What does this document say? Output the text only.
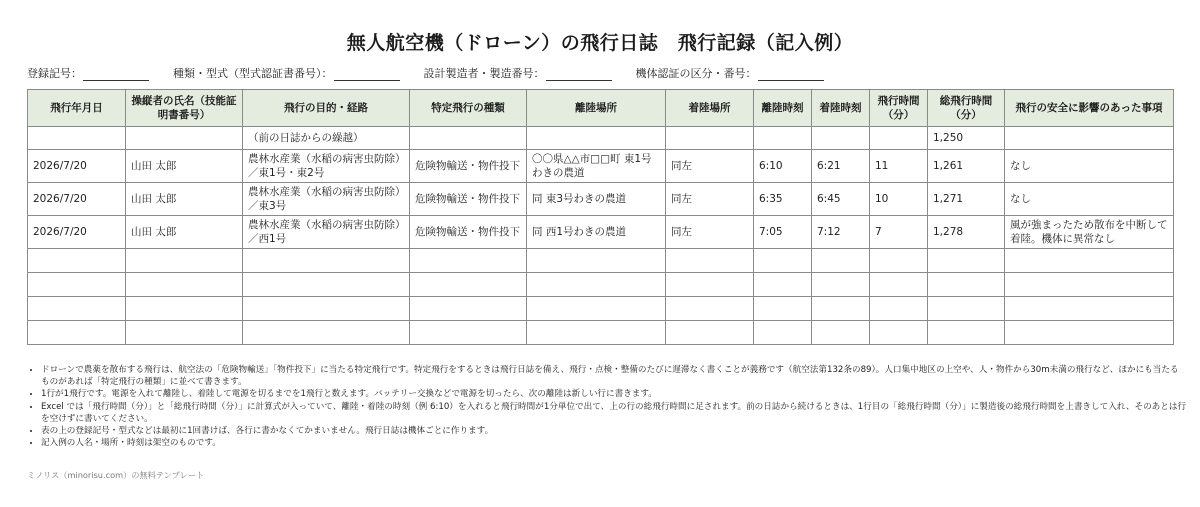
無人航空機（ドローン）の飛行日誌　飛行記録（記入例）
登録記号：	種類・型式（型式認証書番号）：	設計製造者・製造番号：	機体認証の区分・番号：
飛行年月日	操縦者の氏名（技能証明書番号）	飛行の目的・経路	特定飛行の種類	離陸場所	着陸場所	離陸時刻	着陸時刻	飛行時間（分）	総飛行時間（分）	飛行の安全に影響のあった事項
		（前の日誌からの繰越）							1,250	
2026/7/20	山田 太郎	農林水産業（水稲の病害虫防除）／東1号・東2号	危険物輸送・物件投下	〇〇県△△市□□町 東1号わきの農道	同左	6:10	6:21	11	1,261	なし
2026/7/20	山田 太郎	農林水産業（水稲の病害虫防除）／東3号	危険物輸送・物件投下	同 東3号わきの農道	同左	6:35	6:45	10	1,271	なし
2026/7/20	山田 太郎	農林水産業（水稲の病害虫防除）／西1号	危険物輸送・物件投下	同 西1号わきの農道	同左	7:05	7:12	7	1,278	風が強まったため散布を中断して着陸。機体に異常なし

• ドローンで農薬を散布する飛行は、航空法の「危険物輸送」「物件投下」に当たる特定飛行です。特定飛行をするときは飛行日誌を備え、飛行・点検・整備のたびに遅滞なく書くことが義務です（航空法第132条の89）。人口集中地区の上空や、人・物件から30m未満の飛行など、ほかにも当たるものがあれば「特定飛行の種類」に並べて書きます。
• 1行が1飛行です。電源を入れて離陸し、着陸して電源を切るまでを1飛行と数えます。バッテリー交換などで電源を切ったら、次の離陸は新しい行に書きます。
• Excel では「飛行時間（分）」と「総飛行時間（分）」に計算式が入っていて、離陸・着陸の時刻（例 6:10）を入れると飛行時間が1分単位で出て、上の行の総飛行時間に足されます。前の日誌から続けるときは、1行目の「総飛行時間（分）」に製造後の総飛行時間を上書きして入れ、そのあとは行を空けずに書いてください。
• 表の上の登録記号・型式などは最初に1回書けば、各行に書かなくてかまいません。飛行日誌は機体ごとに作ります。
• 記入例の人名・場所・時刻は架空のものです。
ミノリス（minorisu.com）の無料テンプレート
